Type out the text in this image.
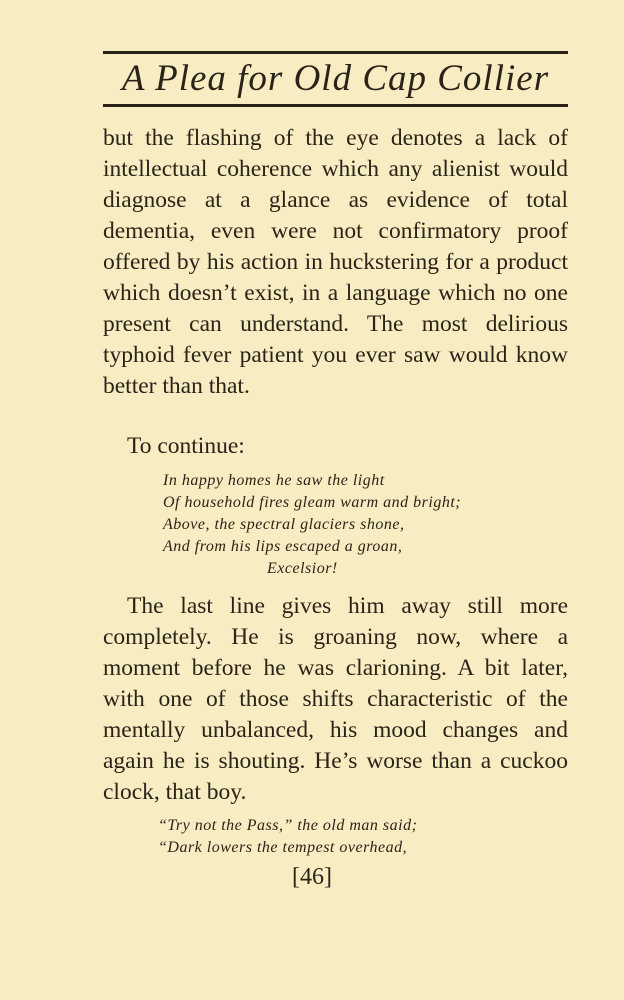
A Plea for Old Cap Collier

but the flashing of the eye denotes a lack of intellectual coherence which any alienist would diagnose at a glance as evidence of total dementia, even were not confirmatory proof offered by his action in huckstering for a product which doesn’t exist, in a language which no one present can understand. The most delirious typhoid fever patient you ever saw would know better than that.

To continue:

In happy homes he saw the light
Of household fires gleam warm and bright;
Above, the spectral glaciers shone,
And from his lips escaped a groan,
Excelsior!

The last line gives him away still more completely. He is groaning now, where a moment before he was clarioning. A bit later, with one of those shifts characteristic of the mentally unbalanced, his mood changes and again he is shouting. He’s worse than a cuckoo clock, that boy.

“Try not the Pass,” the old man said;
“Dark lowers the tempest overhead,
[46]
